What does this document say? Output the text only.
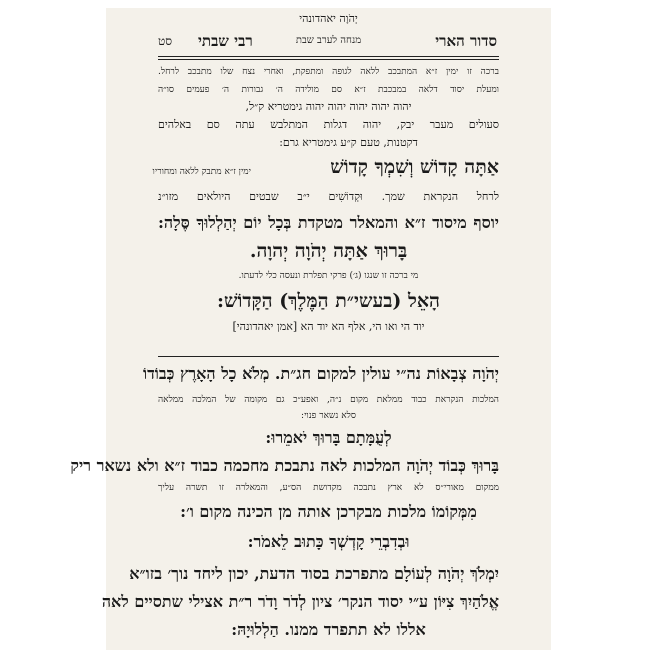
יְהֹוָה יאהדונהי
סדור הארי
מנחה לערב שבת
רבי שבתי
סט
ברכה זו ימין ז״א המתבכב ללאה לגופה ומתפקת, ואחרי נצח שלו מתבכב לרחל.
ומעלת יסוד דלאה במבכבת ז״א סם מולידה ה׳ גבורות ה׳ פעמים סו״ה
יהוה יהוה יהוה יהוה יהוה גימטריא ק״ל,
סעולים מעבר יבק, יהוה דגלות המתלבש עתה סם באלהים
דקטנות, טעם ק״ע גימטריא גרם:
אַתָּה קָדוֹשׁ וְשִׁמְךָ קָדוֹשׁ
ימין ז״א מתבק ללאה ומחוריו
לרחל הנקראת שמך. וּקְדוֹשִׁים י״ב שבטים היולאים מזו״נ
יוסף מיסוד ז״א והמאלר מטקדת בְּכָל יוֹם יְהַלְלוּךָ סֶּלָה:
בָּרוּךְ אַתָּה יְהֹוָה יְהוָה.
מי ברכה זו שנגו (ג׳) פרקי תפלרת ונעסה כלי לדעתו.
הָאֵל (בעשי״ת הַמֶּלֶךְ) הַקָּדוֹשׁ:
יוד הי ואו הי, אלף הא יוד הא [אמן יאהדונהי]
יְהֹוָה צְבָאוֹת נה״י עולין למקום חג״ת. מְלֹא כָל הָאָרֶץ כְּבוֹדוֹ
המלכות הנקראת כבוד ממלאת מקום נ״ה, ואפע״כ גם מקומה של המלכה ממלאה
סלא נשאר פנוי:
לְעֻמָּתָם בָּרוּךְ יֹאמֵרוּ:
בָּרוּךְ כְּבוֹד יְהֹוָה המלכות לאה נתבכת מחכמה כבוד ז״א ולא נשאר ריק
ממקום מאורי״ס לא ארץ נתבכה מקדושת הס״ע, והמאלרה זו תשרה עליך
מִמְּקוֹמוֹ מלכות מבקרכן אותה מן הכינה מקום ו׳:
וּבְדִבְרֵי קָדְשְׁךָ כָּתוּב לֵאמֹר:
יִמְלֹךְ יְהֹוָה לְעוֹלָם מתפרכת בסוד הדעת, יכון ליחד נוך׳ בזו״א
אֱלֹהַיִךְ צִיּוֹן ע״י יסוד הנקר׳ ציון לְדֹר וָדֹר ר״ת אצילי שתסיים לאה
אללו לא תתפרד ממנו. הַלְלוּיָהּ:
